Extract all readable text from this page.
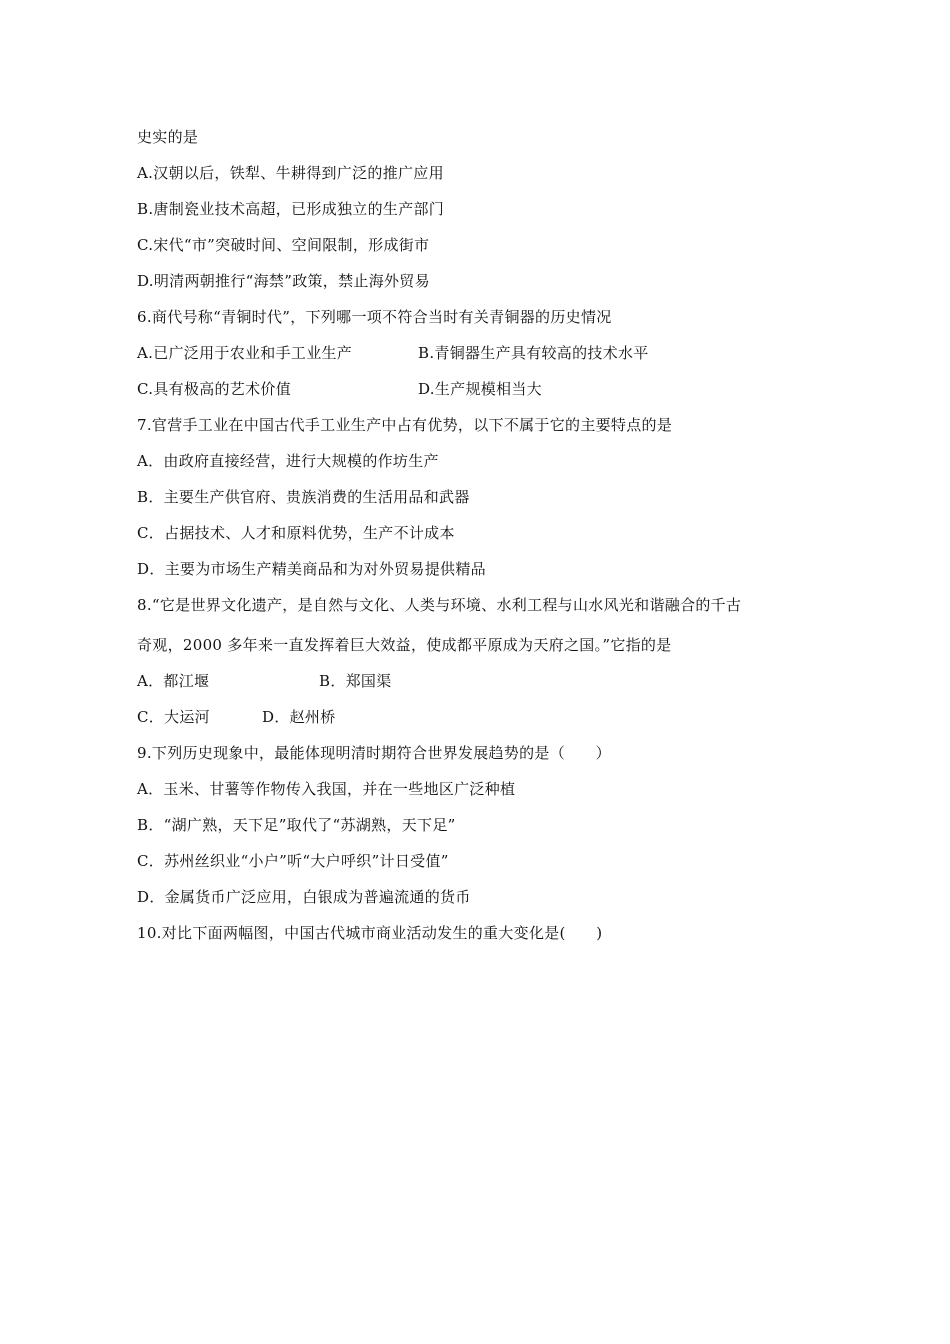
史实的是
A.汉朝以后，铁犁、牛耕得到广泛的推广应用
B.唐制瓷业技术高超，已形成独立的生产部门
C.宋代“市”突破时间、空间限制，形成街市
D.明清两朝推行“海禁”政策，禁止海外贸易
6.商代号称“青铜时代”，下列哪一项不符合当时有关青铜器的历史情况
A.已广泛用于农业和手工业生产	B.青铜器生产具有较高的技术水平
C.具有极高的艺术价值	D.生产规模相当大
7.官营手工业在中国古代手工业生产中占有优势，以下不属于它的主要特点的是
A．由政府直接经营，进行大规模的作坊生产
B．主要生产供官府、贵族消费的生活用品和武器
C．占据技术、人才和原料优势，生产不计成本
D．主要为市场生产精美商品和为对外贸易提供精品
8.“它是世界文化遗产，是自然与文化、人类与环境、水利工程与山水风光和谐融合的千古
奇观，2000 多年来一直发挥着巨大效益，使成都平原成为天府之国。”它指的是
A．都江堰	B．郑国渠
C．大运河	D．赵州桥
9.下列历史现象中，最能体现明清时期符合世界发展趋势的是（　　）
A．玉米、甘薯等作物传入我国，并在一些地区广泛种植
B．“湖广熟，天下足”取代了“苏湖熟，天下足”
C．苏州丝织业“小户”听“大户呼织”计日受值”
D．金属货币广泛应用，白银成为普遍流通的货币
10.对比下面两幅图，中国古代城市商业活动发生的重大变化是(　　)
